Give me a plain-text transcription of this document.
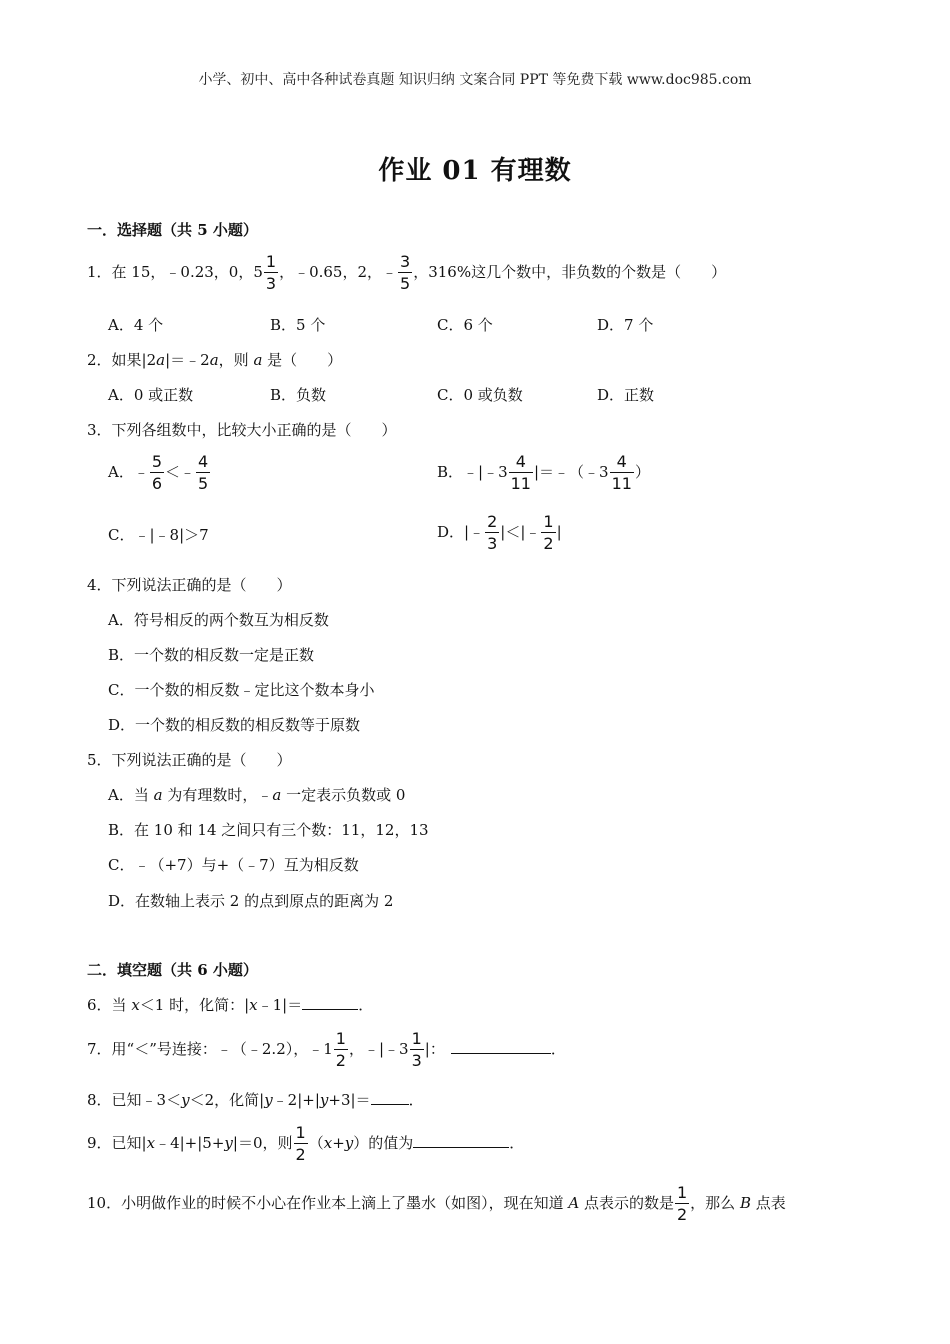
小学、初中、高中各种试卷真题 知识归纳 文案合同 PPT 等免费下载 www.doc985.com
作业 01 有理数
一．选择题（共 5 小题）
1．在 15，﹣0.23，0，$5 \frac{1}{3}$ ，﹣0.65，2，﹣ $\frac{3}{5}$ ，316%这几个数中，非负数的个数是（　　）
A．4 个	B．5 个	C．6 个	D．7 个
2．如果|2a|＝﹣2a，则 a 是（　　）
A．0 或正数	B．负数	C．0 或负数	D．正数
3．下列各组数中，比较大小正确的是（　　）
A．﹣ $\frac{5}{6}$ ＜﹣ $\frac{4}{5}$	B．﹣|﹣3 $\frac{4}{11}$ |＝﹣（﹣3 $\frac{4}{11}$ ）
C．﹣|﹣8|＞7	D．|﹣ $\frac{2}{3}$ |＜|﹣ $\frac{1}{2}$ |
4．下列说法正确的是（　　）
A．符号相反的两个数互为相反数
B．一个数的相反数一定是正数
C．一个数的相反数﹣定比这个数本身小
D．一个数的相反数的相反数等于原数
5．下列说法正确的是（　　）
A．当 a 为有理数时，﹣a 一定表示负数或 0
B．在 10 和 14 之间只有三个数：11，12，13
C．﹣（+7）与+（﹣7）互为相反数
D．在数轴上表示 2 的点到原点的距离为 2
二．填空题（共 6 小题）
6．当 x＜1 时，化简：|x﹣1|＝	．
7．用“＜”号连接：﹣（﹣2.2），﹣1 $\frac{1}{2}$ ，﹣|﹣3 $\frac{1}{3}$ |：	．
8．已知﹣3＜y＜2，化简|y﹣2|+|y+3|＝	．
9．已知|x﹣4|+|5+y|＝0，则 $\frac{1}{2} (x+y)$的值为	．
10．小明做作业的时候不小心在作业本上滴上了墨水（如图），现在知道 A 点表示的数是 $\frac{1}{2}$ ，那么 B 点表
